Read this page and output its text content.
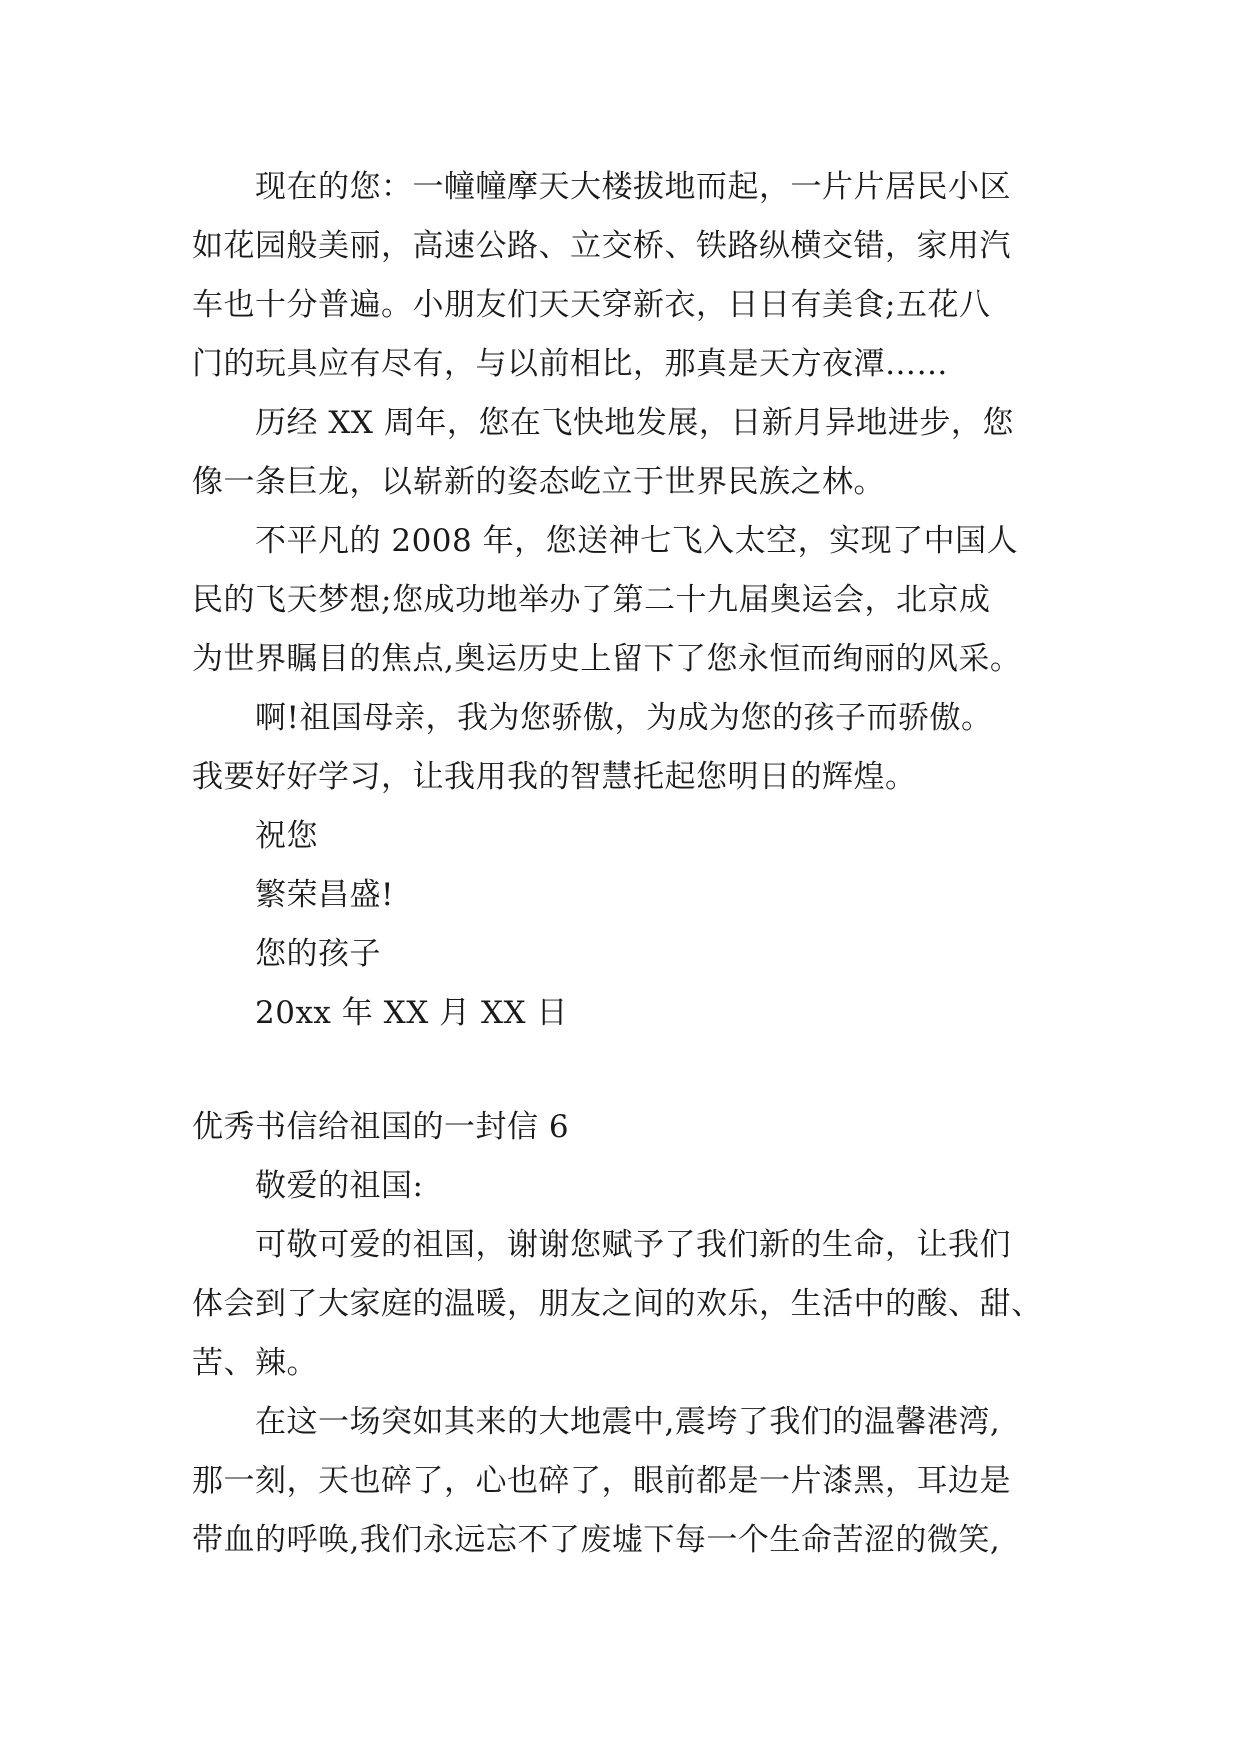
现在的您：一幢幢摩天大楼拔地而起，一片片居民小区
如花园般美丽，高速公路、立交桥、铁路纵横交错，家用汽
车也十分普遍。小朋友们天天穿新衣，日日有美食;五花八
门的玩具应有尽有，与以前相比，那真是天方夜潭……
历经 XX 周年，您在飞快地发展，日新月异地进步，您
像一条巨龙，以崭新的姿态屹立于世界民族之林。
不平凡的 2008 年，您送神七飞入太空，实现了中国人
民的飞天梦想;您成功地举办了第二十九届奥运会，北京成
为世界瞩目的焦点,奥运历史上留下了您永恒而绚丽的风采。
啊!祖国母亲，我为您骄傲，为成为您的孩子而骄傲。
我要好好学习，让我用我的智慧托起您明日的辉煌。
祝您
繁荣昌盛!
您的孩子
20xx 年 XX 月 XX 日
优秀书信给祖国的一封信 6
敬爱的祖国:
可敬可爱的祖国，谢谢您赋予了我们新的生命，让我们
体会到了大家庭的温暖，朋友之间的欢乐，生活中的酸、甜、
苦、辣。
在这一场突如其来的大地震中,震垮了我们的温馨港湾,
那一刻，天也碎了，心也碎了，眼前都是一片漆黑，耳边是
带血的呼唤,我们永远忘不了废墟下每一个生命苦涩的微笑,
